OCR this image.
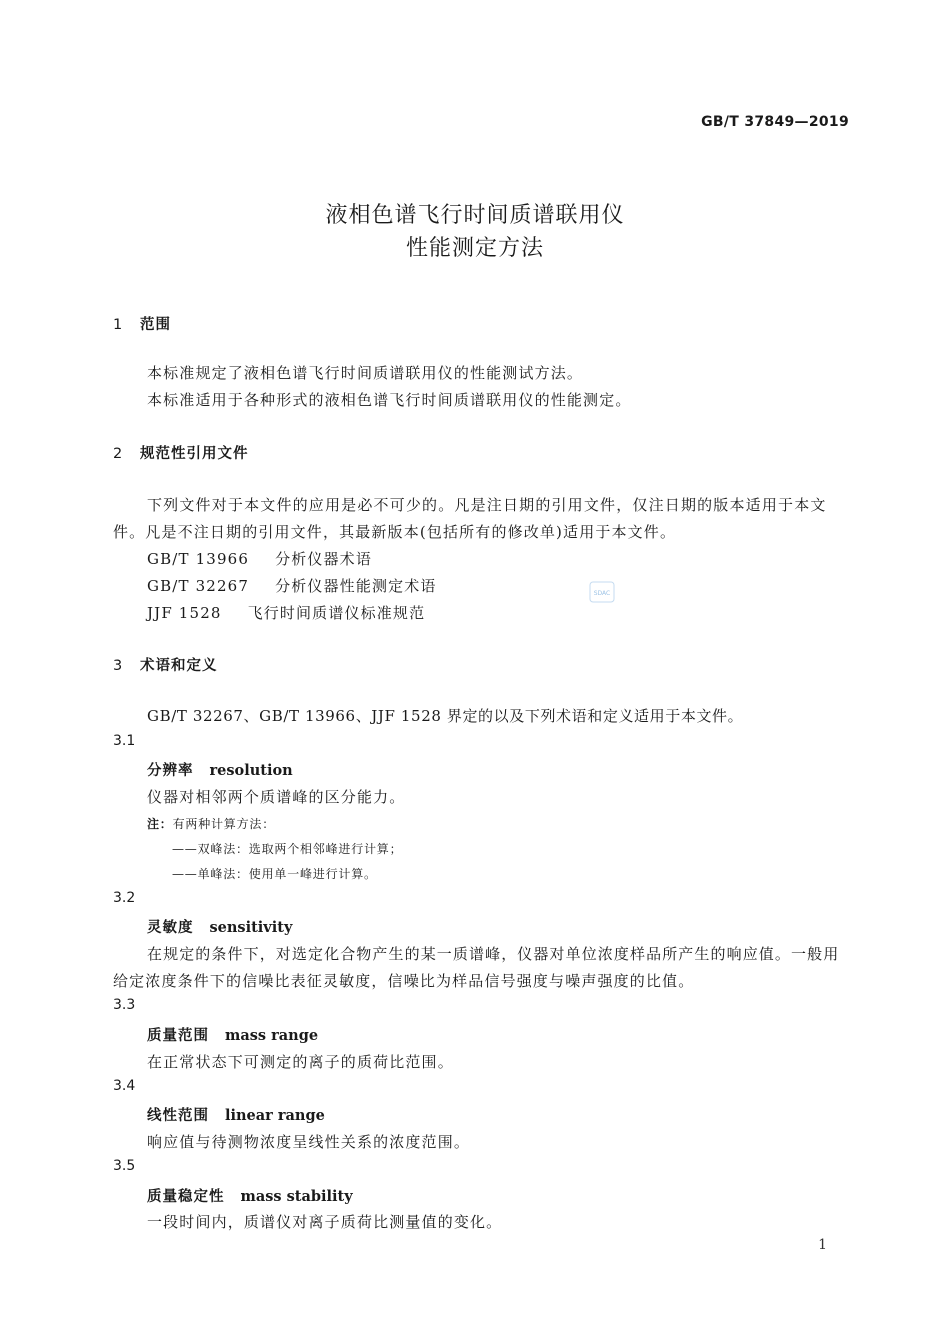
GB/T 37849—2019
液相色谱飞行时间质谱联用仪
性能测定方法
1 范围
本标准规定了液相色谱飞行时间质谱联用仪的性能测试方法。
本标准适用于各种形式的液相色谱飞行时间质谱联用仪的性能测定。
2 规范性引用文件
下列文件对于本文件的应用是必不可少的。凡是注日期的引用文件，仅注日期的版本适用于本文
件。凡是不注日期的引用文件，其最新版本(包括所有的修改单)适用于本文件。
GB/T 13966 分析仪器术语
GB/T 32267 分析仪器性能测定术语
JJF 1528 飞行时间质谱仪标准规范
SDAC
3 术语和定义
GB/T 32267、GB/T 13966、JJF 1528 界定的以及下列术语和定义适用于本文件。
3.1
分辨率 resolution
仪器对相邻两个质谱峰的区分能力。
注：有两种计算方法：
——双峰法：选取两个相邻峰进行计算；
——单峰法：使用单一峰进行计算。
3.2
灵敏度 sensitivity
在规定的条件下，对选定化合物产生的某一质谱峰，仪器对单位浓度样品所产生的响应值。一般用
给定浓度条件下的信噪比表征灵敏度，信噪比为样品信号强度与噪声强度的比值。
3.3
质量范围 mass range
在正常状态下可测定的离子的质荷比范围。
3.4
线性范围 linear range
响应值与待测物浓度呈线性关系的浓度范围。
3.5
质量稳定性 mass stability
一段时间内，质谱仪对离子质荷比测量值的变化。
1
